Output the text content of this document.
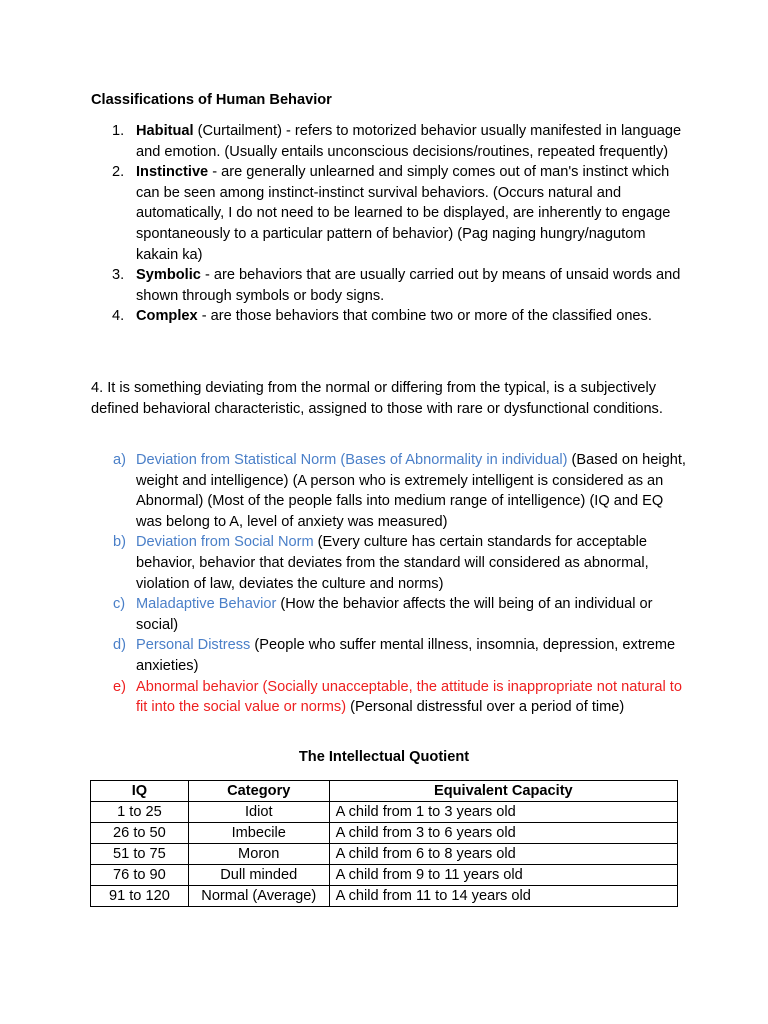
Classifications of Human Behavior
1. Habitual (Curtailment) - refers to motorized behavior usually manifested in language and emotion. (Usually entails unconscious decisions/routines, repeated frequently)
2. Instinctive - are generally unlearned and simply comes out of man's instinct which can be seen among instinct-instinct survival behaviors. (Occurs natural and automatically, I do not need to be learned to be displayed, are inherently to engage spontaneously to a particular pattern of behavior) (Pag naging hungry/nagutom kakain ka)
3. Symbolic - are behaviors that are usually carried out by means of unsaid words and shown through symbols or body signs.
4. Complex - are those behaviors that combine two or more of the classified ones.
4. It is something deviating from the normal or differing from the typical, is a subjectively defined behavioral characteristic, assigned to those with rare or dysfunctional conditions.
a) Deviation from Statistical Norm (Bases of Abnormality in individual) (Based on height, weight and intelligence) (A person who is extremely intelligent is considered as an Abnormal) (Most of the people falls into medium range of intelligence) (IQ and EQ was belong to A, level of anxiety was measured)
b) Deviation from Social Norm (Every culture has certain standards for acceptable behavior, behavior that deviates from the standard will considered as abnormal, violation of law, deviates the culture and norms)
c) Maladaptive Behavior (How the behavior affects the will being of an individual or social)
d) Personal Distress (People who suffer mental illness, insomnia, depression, extreme anxieties)
e) Abnormal behavior (Socially unacceptable, the attitude is inappropriate not natural to fit into the social value or norms) (Personal distressful over a period of time)
The Intellectual Quotient
IQ	Category	Equivalent Capacity
1 to 25	Idiot	A child from 1 to 3 years old
26 to 50	Imbecile	A child from 3 to 6 years old
51 to 75	Moron	A child from 6 to 8 years old
76 to 90	Dull minded	A child from 9 to 11 years old
91 to 120	Normal (Average)	A child from 11 to 14 years old
